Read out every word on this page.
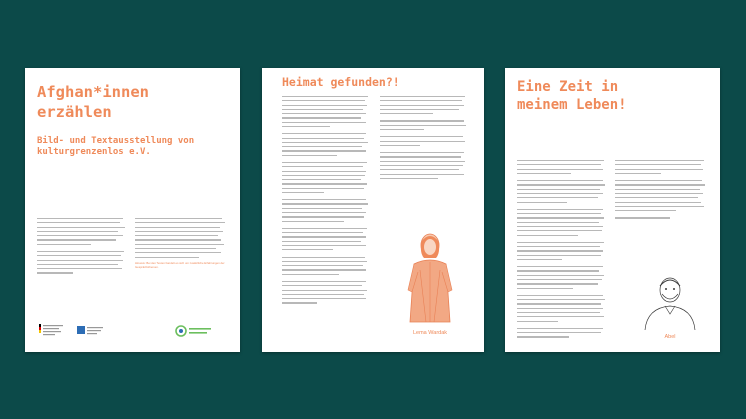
Afghan*innen
erzählen

Bild- und Textausstellung von kulturgrenzenlos e.V.

Hinweis: Bei den Texten handelt es sich um zusätzliche Erfahrungen der Gesprächsthemen.
Heimat gefunden?!
Lema Wardak
Eine Zeit in
meinem Leben!
Abel
